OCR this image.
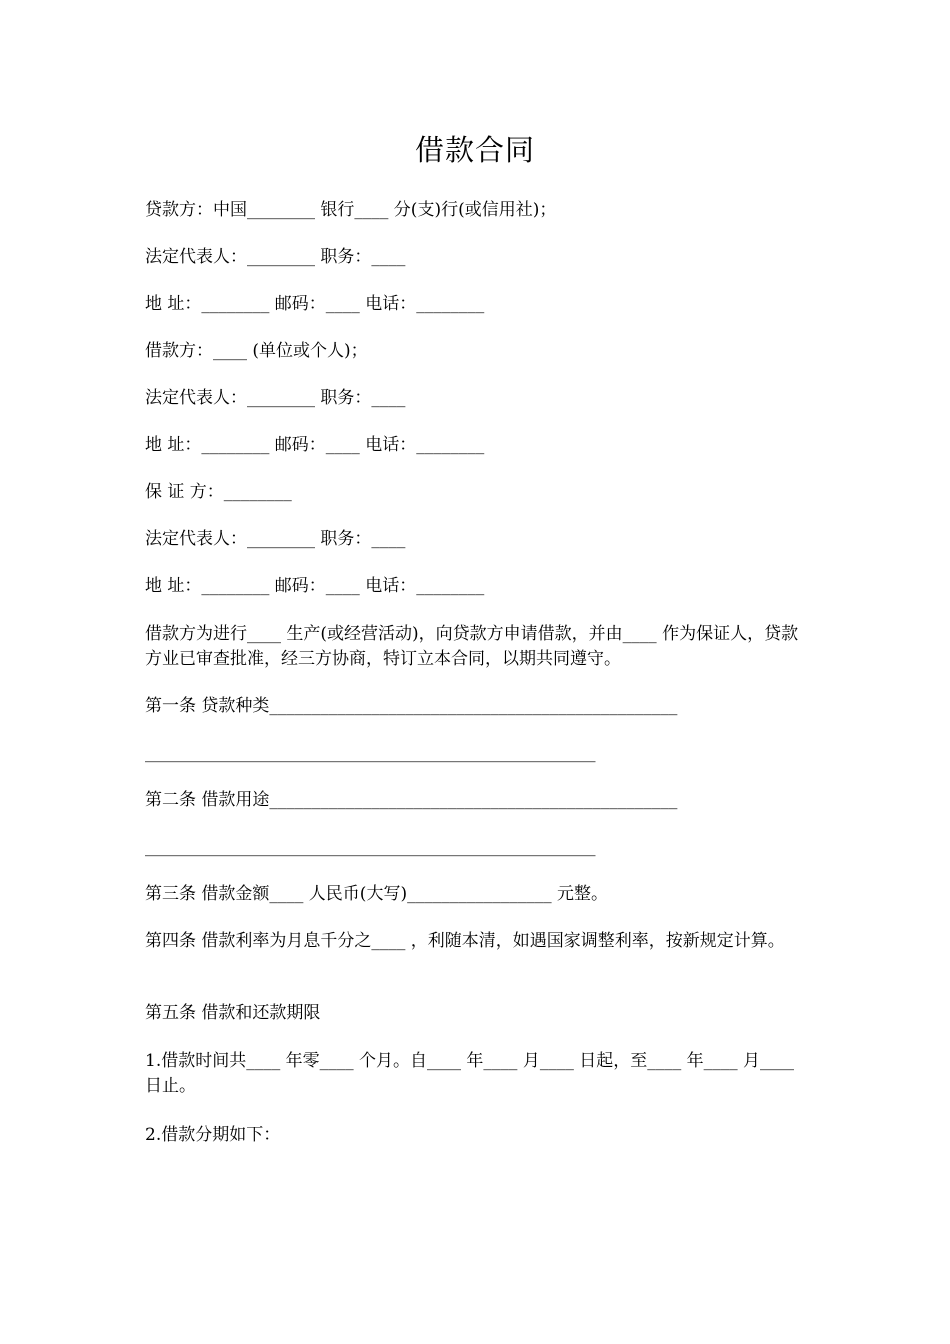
借款合同
贷款方：中国________ 银行____ 分(支)行(或信用社)；
法定代表人：________ 职务：____
地 址：________ 邮码：____ 电话：________
借款方：____ (单位或个人)；
法定代表人：________ 职务：____
地 址：________ 邮码：____ 电话：________
保 证 方：________
法定代表人：________ 职务：____
地 址：________ 邮码：____ 电话：________
借款方为进行____ 生产(或经营活动)，向贷款方申请借款，并由____ 作为保证人，贷款方业已审查批准，经三方协商，特订立本合同，以期共同遵守。
第一条 贷款种类________________________________________________
_____________________________________________________
第二条 借款用途________________________________________________
_____________________________________________________
第三条 借款金额____ 人民币(大写)_________________ 元整。
第四条 借款利率为月息千分之____ ，利随本清，如遇国家调整利率，按新规定计算。
第五条 借款和还款期限
1.借款时间共____ 年零____ 个月。自____ 年____ 月____ 日起，至____ 年____ 月____ 日止。
2.借款分期如下：
